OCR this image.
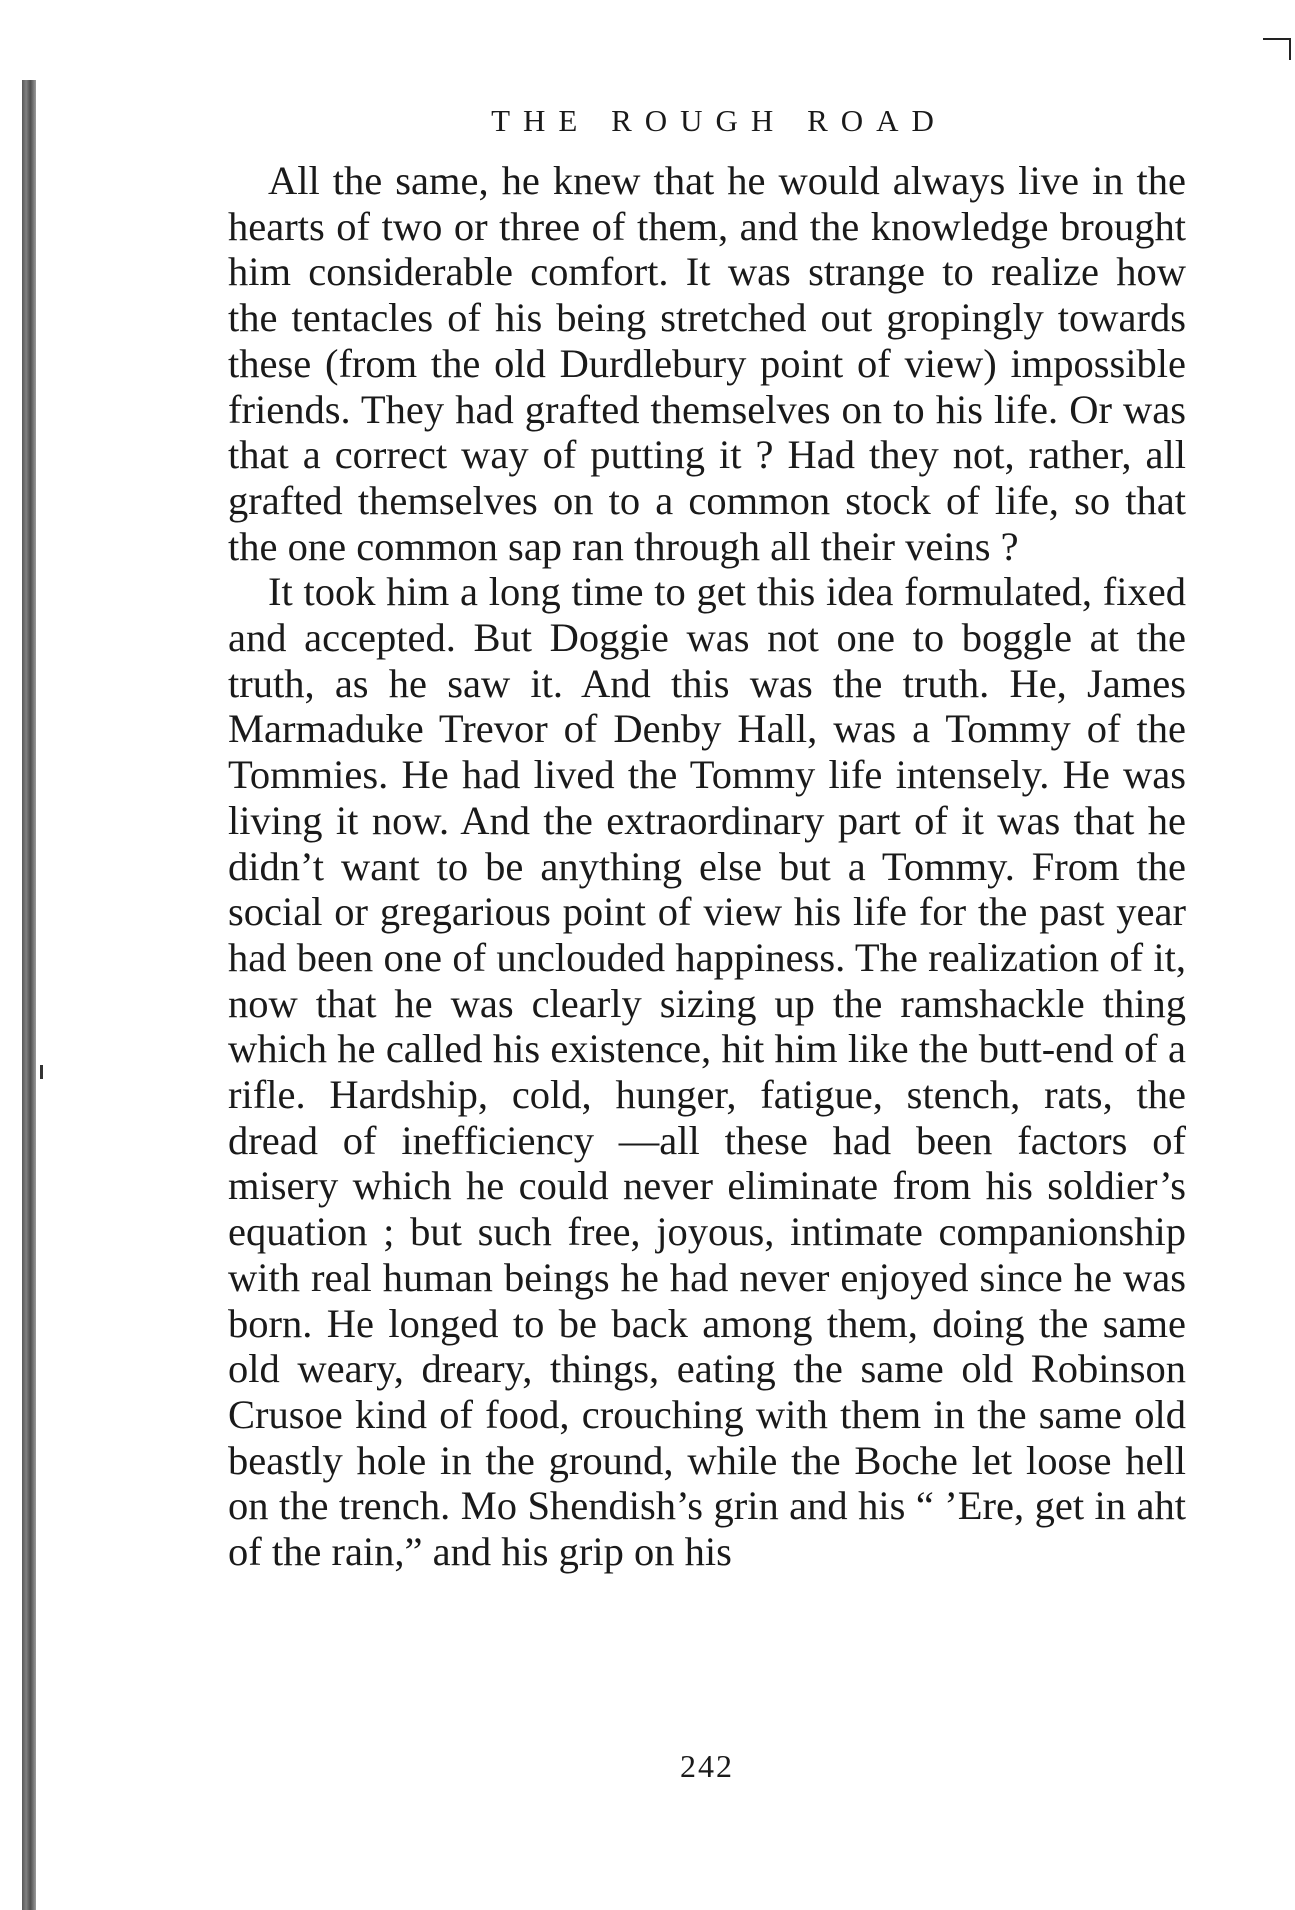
THE ROUGH ROAD

All the same, he knew that he would always live in the hearts of two or three of them, and the knowledge brought him considerable comfort. It was strange to realize how the tentacles of his being stretched out gropingly towards these (from the old Durdlebury point of view) impossible friends. They had grafted themselves on to his life. Or was that a correct way of putting it ? Had they not, rather, all grafted themselves on to a common stock of life, so that the one common sap ran through all their veins ?

It took him a long time to get this idea formulated, fixed and accepted. But Doggie was not one to boggle at the truth, as he saw it. And this was the truth. He, James Marmaduke Trevor of Denby Hall, was a Tommy of the Tommies. He had lived the Tommy life intensely. He was living it now. And the extraordinary part of it was that he didn’t want to be anything else but a Tommy. From the social or gregarious point of view his life for the past year had been one of unclouded happiness. The realization of it, now that he was clearly sizing up the ramshackle thing which he called his existence, hit him like the butt-end of a rifle. Hardship, cold, hunger, fatigue, stench, rats, the dread of inefficiency —all these had been factors of misery which he could never eliminate from his soldier’s equation ; but such free, joyous, intimate companionship with real human beings he had never enjoyed since he was born. He longed to be back among them, doing the same old weary, dreary, things, eating the same old Robinson Crusoe kind of food, crouching with them in the same old beastly hole in the ground, while the Boche let loose hell on the trench. Mo Shendish’s grin and his “ ’Ere, get in aht of the rain,” and his grip on his

242
